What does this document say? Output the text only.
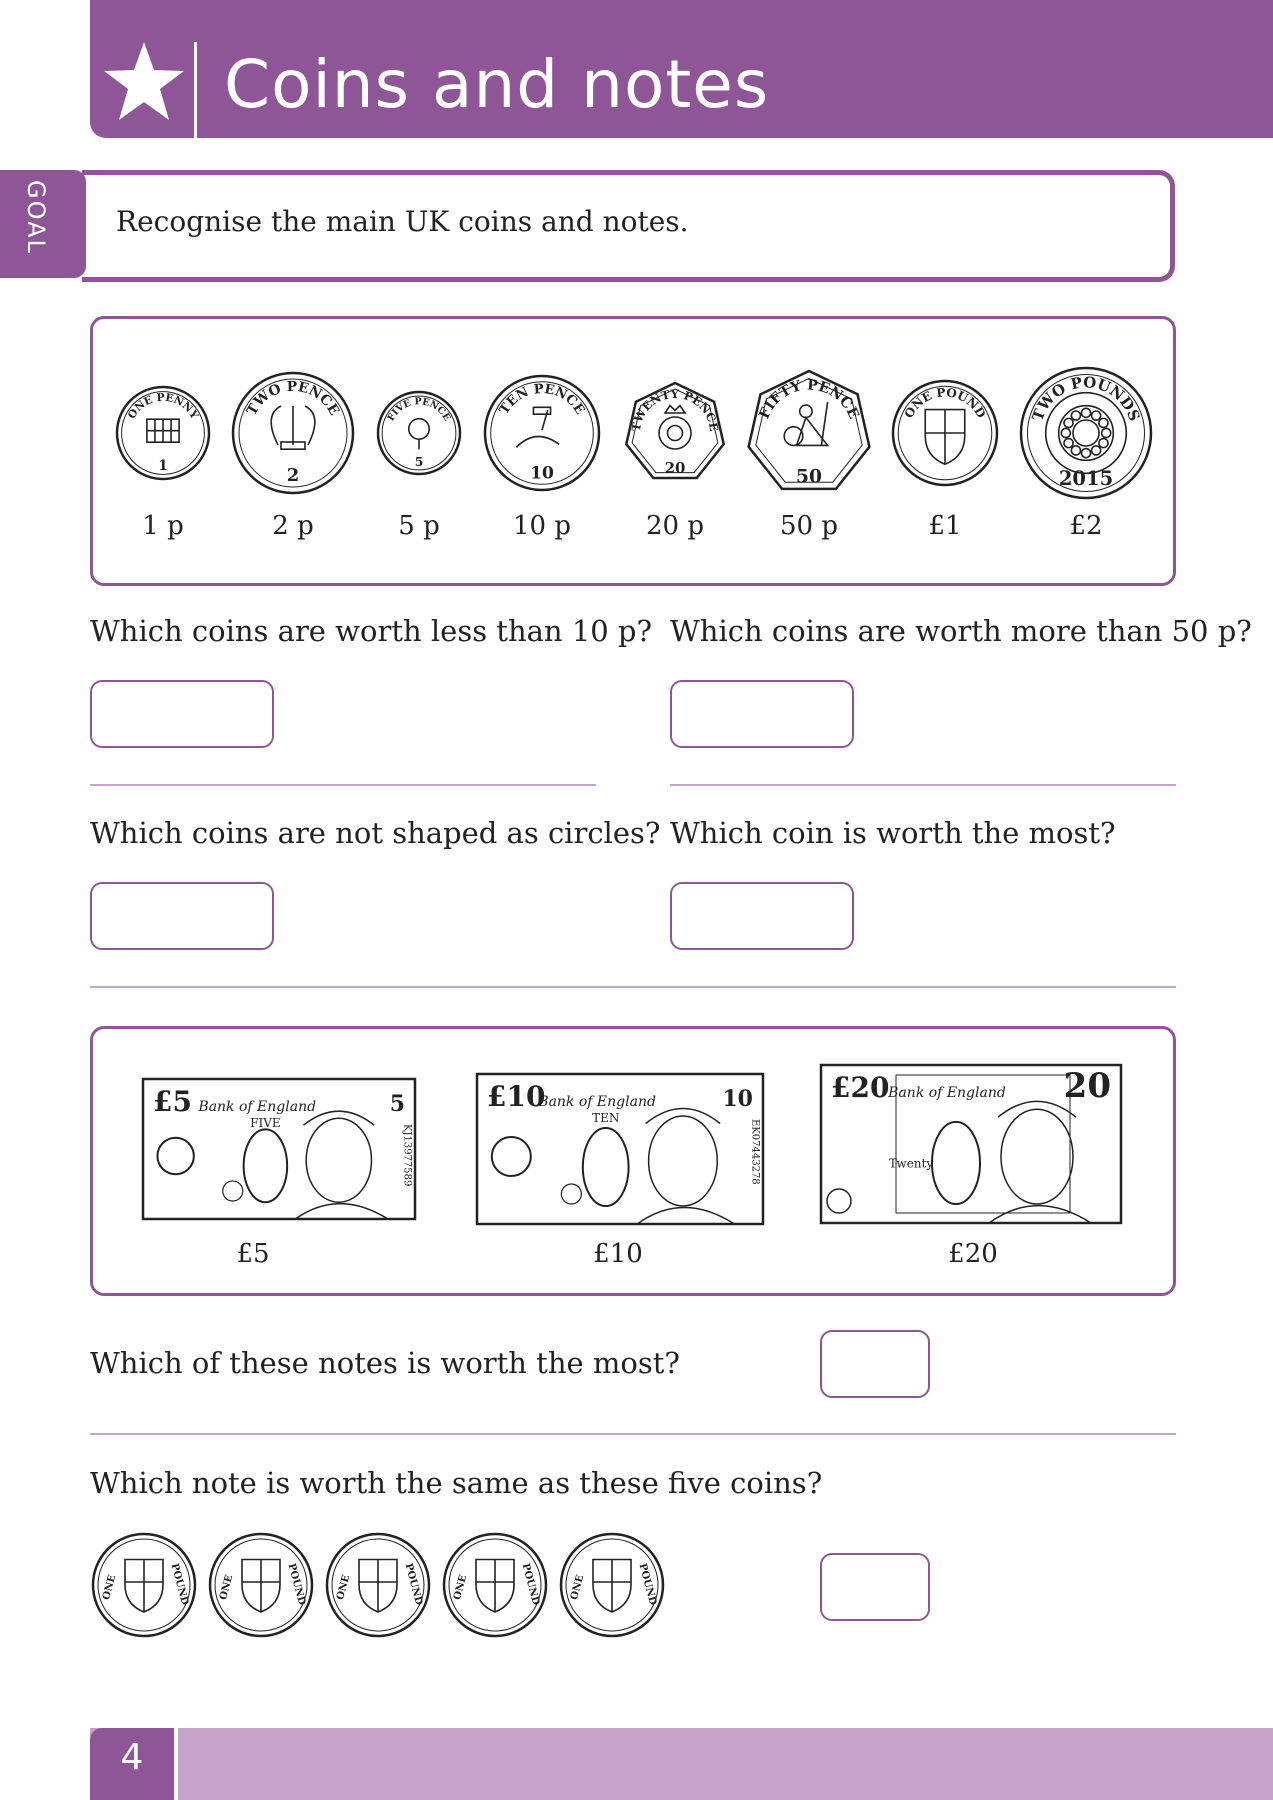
Coins and notes

Recognise the main UK coins and notes.

GOAL
1 p	2 p	5 p	10 p	20 p	50 p	£1	£2
ONE PENNY
1
TWO PENCE
2
FIVE PENCE
5
TEN PENCE
10
TWENTY PENCE
20
FIFTY PENCE
50
ONE POUND	TWO POUNDS
2015
Which coins are worth less than 10 p? Which coins are worth more than 50 p?
Which coins are not shaped as circles? Which coin is worth the most?
£5	£10	£20
£5	5
Bank of England
FIVE
KJ13977589
£10	10
Bank of England
TEN
EK07443278
£20	20
Bank of England
Twenty
Which of these notes is worth the most?
Which note is worth the same as these five coins?
ONE	POUND	ONE	POUND	ONE	POUND	ONE	POUND	ONE	POUND
4
